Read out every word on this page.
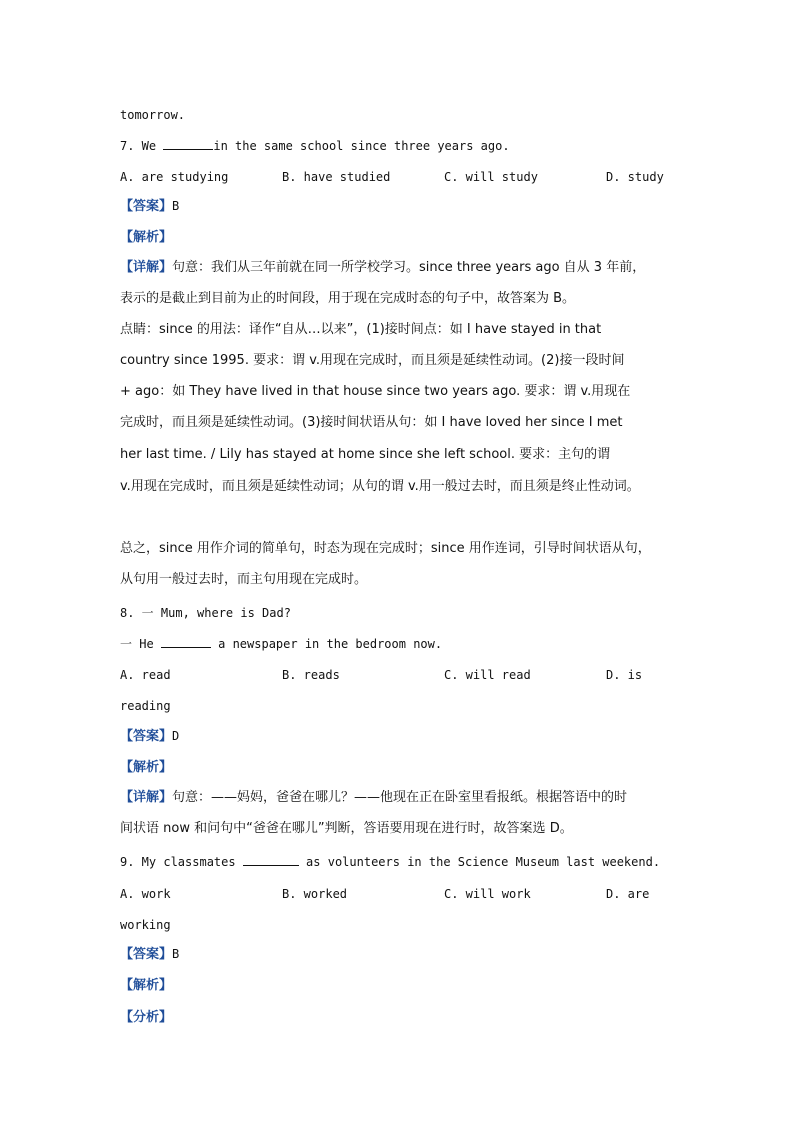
tomorrow.
7. We	in the same school since three years ago.
A. are studying	B. have studied	C. will study	D. study
【答案】B
【解析】
【详解】句意：我们从三年前就在同一所学校学习。since three years ago 自从 3 年前，
表示的是截止到目前为止的时间段，用于现在完成时态的句子中，故答案为 B。
点睛：since 的用法：译作“自从…以来”，(1)接时间点：如 I have stayed in that
country since 1995. 要求：谓 v.用现在完成时，而且须是延续性动词。(2)接一段时间
+ ago：如 They have lived in that house since two years ago. 要求：谓 v.用现在
完成时，而且须是延续性动词。(3)接时间状语从句：如 I have loved her since I met
her last time. / Lily has stayed at home since she left school. 要求：主句的谓
v.用现在完成时，而且须是延续性动词；从句的谓 v.用一般过去时，而且须是终止性动词。
总之，since 用作介词的简单句，时态为现在完成时；since 用作连词，引导时间状语从句，
从句用一般过去时，而主句用现在完成时。
8. 一 Mum, where is Dad?
一 He	a newspaper in the bedroom now.
A. read	B. reads	C. will read	D. is
reading
【答案】D
【解析】
【详解】句意：——妈妈，爸爸在哪儿？——他现在正在卧室里看报纸。根据答语中的时
间状语 now 和问句中“爸爸在哪儿”判断，答语要用现在进行时，故答案选 D。
9. My classmates	as volunteers in the Science Museum last weekend.
A. work	B. worked	C. will work	D. are
working
【答案】B
【解析】
【分析】
